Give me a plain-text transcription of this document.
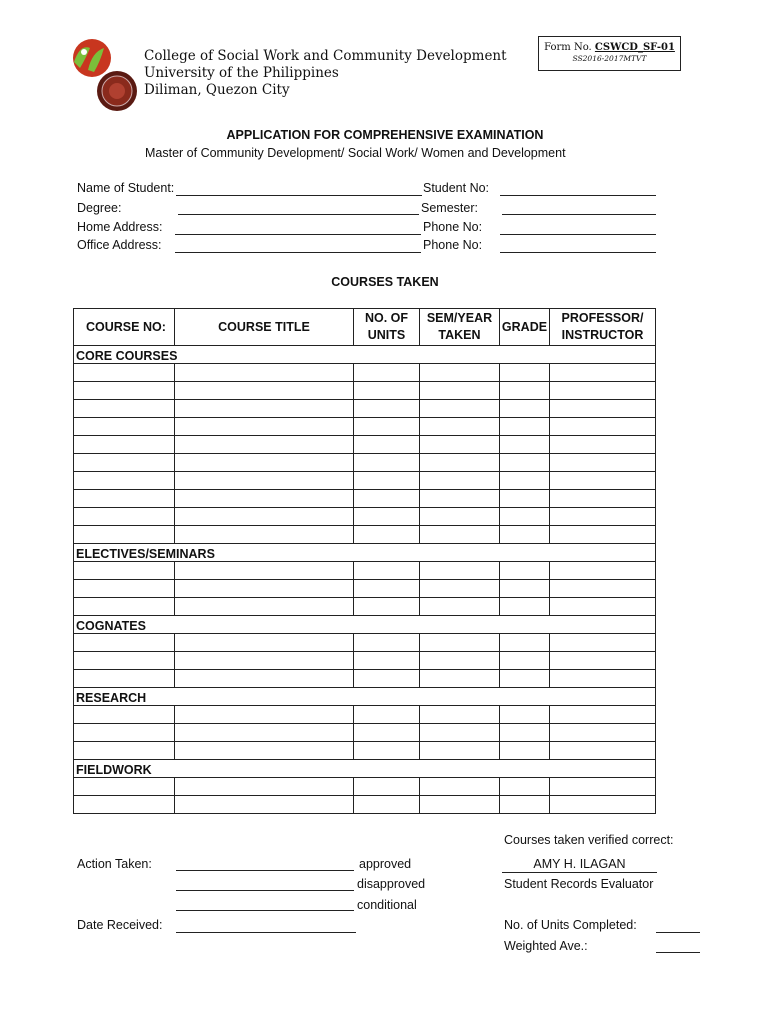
College of Social Work and Community Development
University of the Philippines
Diliman, Quezon City
Form No. CSWCD_SF-01
SS2016-2017MTVT
APPLICATION FOR COMPREHENSIVE EXAMINATION
Master of Community Development/ Social Work/ Women and Development
Name of Student:
Degree:
Home Address:
Office Address:
Student No:
Semester:
Phone No:
Phone No:
COURSES TAKEN
COURSE NO:	COURSE TITLE	NO. OF UNITS	SEM/YEAR TAKEN	GRADE	PROFESSOR/ INSTRUCTOR
CORE COURSES					

ELECTIVES/SEMINARS					

COGNATES					

RESEARCH					

FIELDWORK					

Courses taken verified correct:
Action Taken:	approved
disapproved
conditional
Date Received:
AMY H. ILAGAN
Student Records Evaluator
No. of Units Completed:
Weighted Ave.:
